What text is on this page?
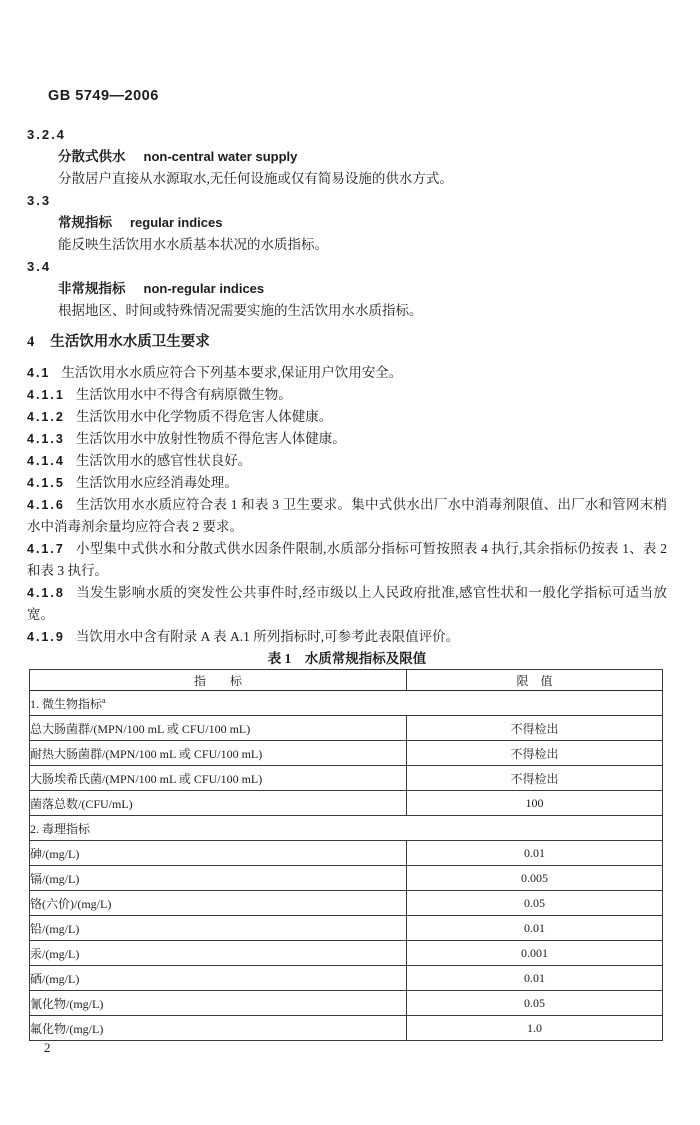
GB 5749—2006

3.2.4

分散式供水 non-central water supply

分散居户直接从水源取水,无任何设施或仅有简易设施的供水方式。

3.3

常规指标 regular indices

能反映生活饮用水水质基本状况的水质指标。

3.4

非常规指标 non-regular indices

根据地区、时间或特殊情况需要实施的生活饮用水水质指标。

4 生活饮用水水质卫生要求

4.1 生活饮用水水质应符合下列基本要求,保证用户饮用安全。

4.1.1 生活饮用水中不得含有病原微生物。

4.1.2 生活饮用水中化学物质不得危害人体健康。

4.1.3 生活饮用水中放射性物质不得危害人体健康。

4.1.4 生活饮用水的感官性状良好。

4.1.5 生活饮用水应经消毒处理。

4.1.6 生活饮用水水质应符合表 1 和表 3 卫生要求。集中式供水出厂水中消毒剂限值、出厂水和管网末梢水中消毒剂余量均应符合表 2 要求。

4.1.7 小型集中式供水和分散式供水因条件限制,水质部分指标可暂按照表 4 执行,其余指标仍按表 1、表 2 和表 3 执行。

4.1.8 当发生影响水质的突发性公共事件时,经市级以上人民政府批准,感官性状和一般化学指标可适当放宽。

4.1.9 当饮用水中含有附录 A 表 A.1 所列指标时,可参考此表限值评价。

表 1　水质常规指标及限值

指　　标	限　值
1. 微生物指标$^a$
总大肠菌群/(MPN/100 mL 或 CFU/100 mL)	不得检出
耐热大肠菌群/(MPN/100 mL 或 CFU/100 mL)	不得检出
大肠埃希氏菌/(MPN/100 mL 或 CFU/100 mL)	不得检出
菌落总数/(CFU/mL)	100
2. 毒理指标	
砷/(mg/L)	0.01
镉/(mg/L)	0.005
铬(六价)/(mg/L)	0.05
铅/(mg/L)	0.01
汞/(mg/L)	0.001
硒/(mg/L)	0.01
氰化物/(mg/L)	0.05
氟化物/(mg/L)	1.0
2
